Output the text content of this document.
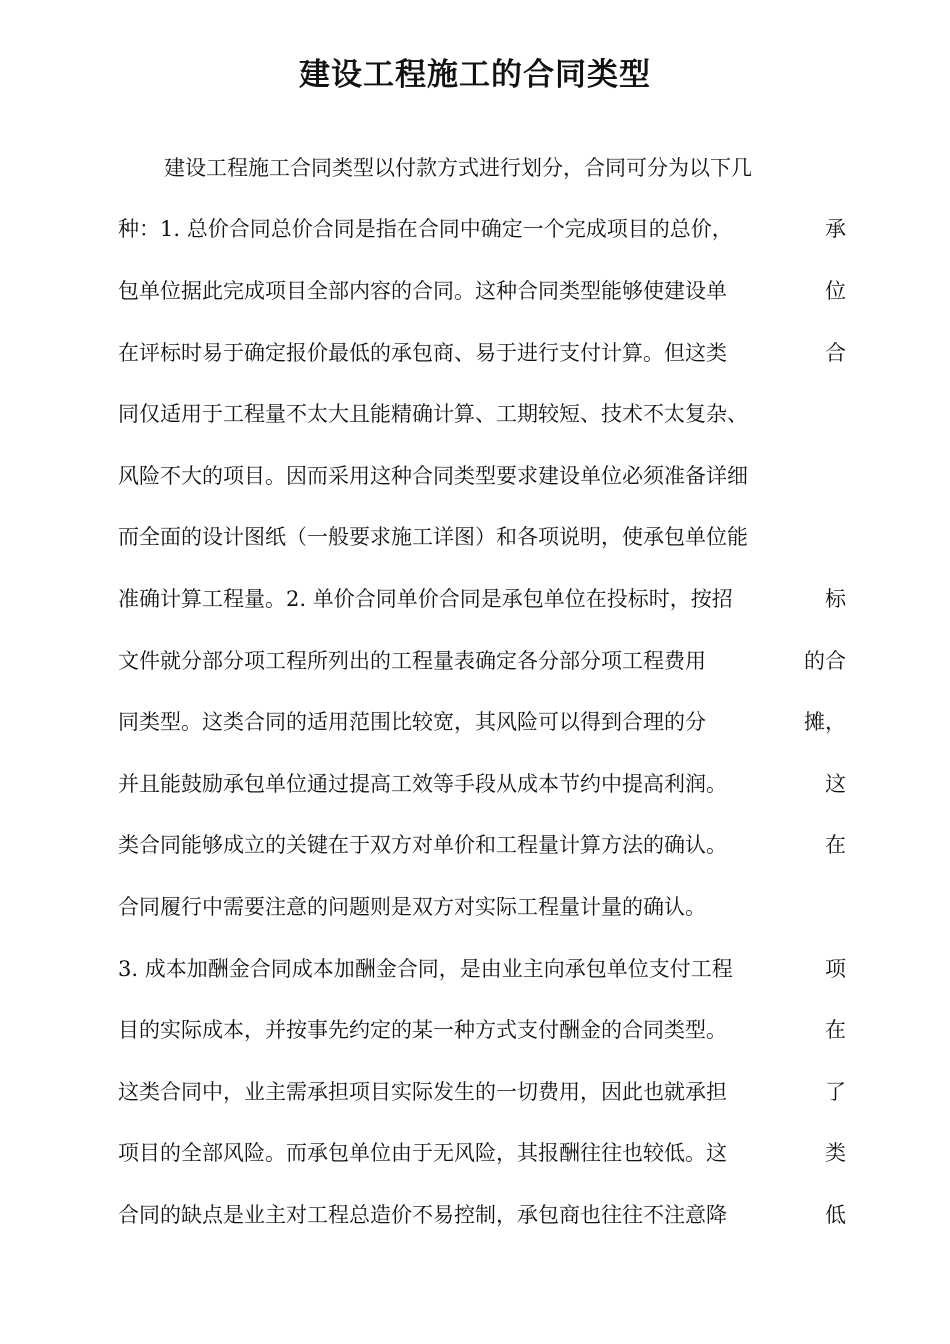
建设工程施工的合同类型
建设工程施工合同类型以付款方式进行划分，合同可分为以下几
种：1. 总价合同总价合同是指在合同中确定一个完成项目的总价，	承
包单位据此完成项目全部内容的合同。这种合同类型能够使建设单	位
在评标时易于确定报价最低的承包商、易于进行支付计算。但这类	合
同仅适用于工程量不太大且能精确计算、工期较短、技术不太复杂、
风险不大的项目。因而采用这种合同类型要求建设单位必须准备详细
而全面的设计图纸（一般要求施工详图）和各项说明，使承包单位能
准确计算工程量。2. 单价合同单价合同是承包单位在投标时，按招	标
文件就分部分项工程所列出的工程量表确定各分部分项工程费用	的合
同类型。这类合同的适用范围比较宽，其风险可以得到合理的分	摊，
并且能鼓励承包单位通过提高工效等手段从成本节约中提高利润。	这
类合同能够成立的关键在于双方对单价和工程量计算方法的确认。	在
合同履行中需要注意的问题则是双方对实际工程量计量的确认。
3. 成本加酬金合同成本加酬金合同，是由业主向承包单位支付工程	项
目的实际成本，并按事先约定的某一种方式支付酬金的合同类型。	在
这类合同中，业主需承担项目实际发生的一切费用，因此也就承担	了
项目的全部风险。而承包单位由于无风险，其报酬往往也较低。这	类
合同的缺点是业主对工程总造价不易控制，承包商也往往不注意降	低
